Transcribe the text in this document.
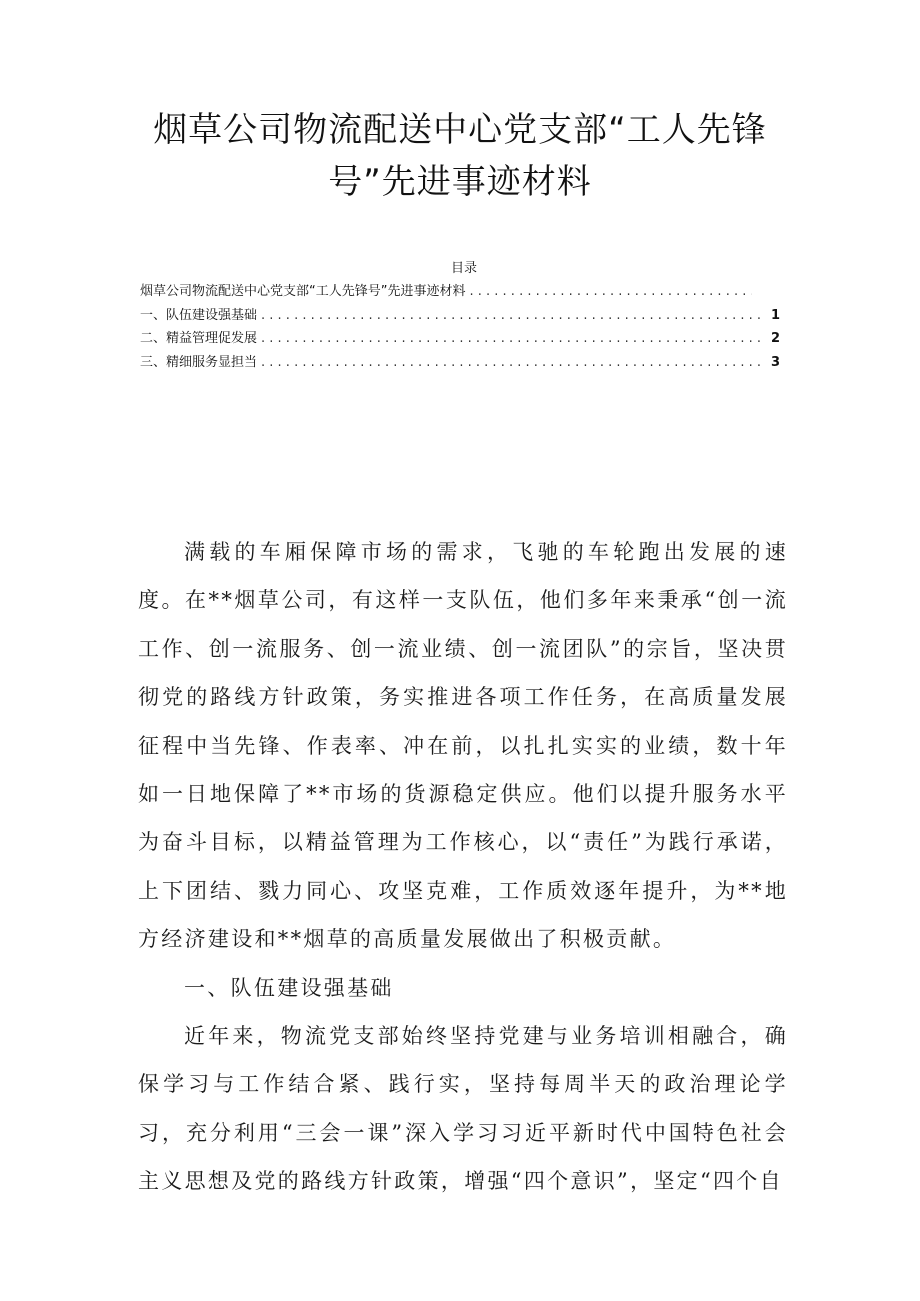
烟草公司物流配送中心党支部“工人先锋
号”先进事迹材料
目录
烟草公司物流配送中心党支部“工人先锋号”先进事迹材料
. . .
一、队伍建设强基础 . . .	1
二、精益管理促发展 . . .	2
三、精细服务显担当 . . .	3

满载的车厢保障市场的需求，飞驰的车轮跑出发展的速度。在**烟草公司，有这样一支队伍，他们多年来秉承“创一流工作、创一流服务、创一流业绩、创一流团队”的宗旨，坚决贯彻党的路线方针政策，务实推进各项工作任务，在高质量发展征程中当先锋、作表率、冲在前，以扎扎实实的业绩，数十年如一日地保障了**市场的货源稳定供应。他们以提升服务水平为奋斗目标，以精益管理为工作核心，以“责任”为践行承诺，上下团结、戮力同心、攻坚克难，工作质效逐年提升，为**地方经济建设和**烟草的高质量发展做出了积极贡献。

一、队伍建设强基础

近年来，物流党支部始终坚持党建与业务培训相融合，确保学习与工作结合紧、践行实，坚持每周半天的政治理论学习，充分利用“三会一课”深入学习习近平新时代中国特色社会主义思想及党的路线方针政策，增强“四个意识”，坚定“四个自
